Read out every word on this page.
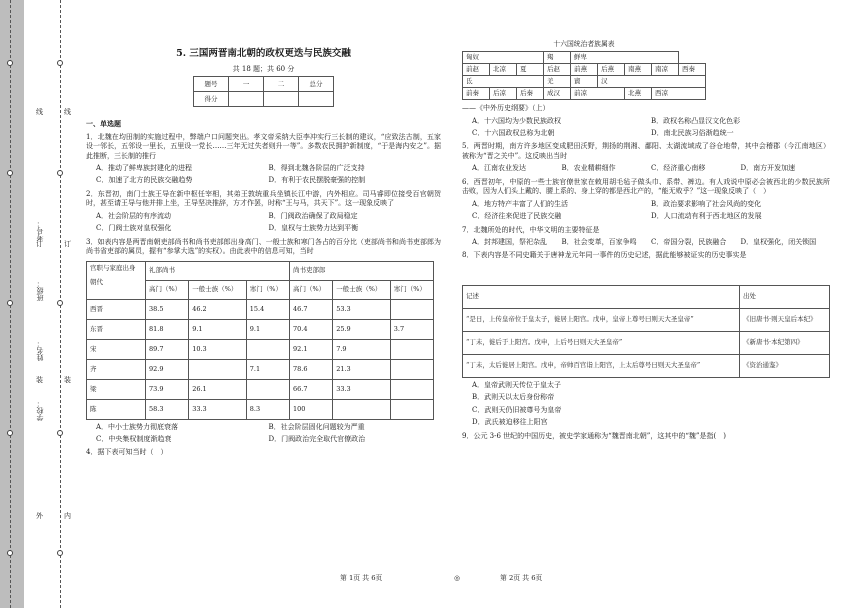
线
订
装
外
线
订
装
内
学校：
姓名：
班级：
考号：
5. 三国两晋南北朝的政权更迭与民族交融
共 18 题；共 60 分
题号	一	二	总分
得分			
一、单选题
1．北魏在均田制的实施过程中，弊端户口问题突出。孝文帝采纳大臣李冲实行三长制的建议，“应致法古制，五家设一邻长，五邻设一里长，五里设一党长……三年无过失者则升一等”。多数农民拥护新制度，“于是海内安之”。据此推断，三长制的推行
A．推动了鲜卑族封建化的进程	B．得到北魏各阶层的广泛支持
C．加速了北方的民族交融趋势	D．有利于农民摆脱豪强的控制
2．东晋初，南门士族王导在新中枢任宰相，其弟王敦统重兵坐镇长江中游，内外相应。司马睿即位接受百官朝贺时，甚至请王导与他并排上坐，王导坚决推辞，方才作罢，时称“王与马，共天下”。这一现象反映了
A．社会阶层的有序流动	B．门阀政治确保了政局稳定
C．门阀士族对皇权强化	D．皇权与士族势力达到平衡
3．如表内容是两晋南朝吏部尚书和尚书吏部郎出身高门、一般士族和寒门各占的百分比（吏部尚书和尚书吏部郎为尚书省吏部的属员，握有“参掌大选”的实权）。由此表中的信息可知，当时
官职与家庭出身
朝代	礼部尚书			尚书吏部郎		
	高门（%）	一般士族（%）	寒门（%）	高门（%）	一般士族（%）	寒门（%）
西晋	38.5	46.2	15.4	46.7	53.3	
东晋	81.8	9.1	9.1	70.4	25.9	3.7
宋	89.7	10.3		92.1	7.9	
齐	92.9		7.1	78.6	21.3	
梁	73.9	26.1		66.7	33.3	
陈	58.3	33.3	8.3	100		
A．中小士族势力彻底衰落	B．社会阶层固化问题较为严重
C．中央集权制度渐趋衰	D．门阀政治完全取代官僚政治
4．据下表可知当时（　）
十六国统治者族属表
匈奴			羯	鲜卑				
前赵	北凉	夏	后赵	前燕	后燕	南燕	南凉	西秦
氐			羌	賨	汉			
前秦	后凉	后秦	成汉	前凉		北燕	西凉	
——《中外历史纲要》（上）
A．十六国均为少数民族政权	B．政权名称凸显汉文化色彩
C．十六国政权总称为北朝	D．南北民族习俗渐趋统一
5．两晋时期，南方许多地区变成肥田沃野，荆扬的荆湘、鄱阳、太湖流域成了谷仓地带，其中会稽郡（今江南地区）被称为“晋之关中”。这反映出当时
A．江南农业发达	B．农业精耕细作	C．经济重心南移	D．南方开发加速
6．西晋初年，中原的一些士族官僚世家在敕用胡毛毡子做头巾、系带、裤边。有人戏说中原必会被西北的少数民族所击败，因为人们头上戴的、腰上系的、身上穿的都是西北产的，“能无败乎？”这一现象反映了（　）
A．地方特产丰富了人们的生活	B．政治要求影响了社会风尚的变化
C．经济往来促进了民族交融	D．人口流动有利于西北地区的发展
7．北魏所处的时代，中华文明的主要特征是
A．封邦建国，祭祀杂乱	B．社会变革，百家争鸣	C．帝国分裂，民族融合	D．皇权强化，闭关锁国
8．下表内容是不同史籍关于唐神龙元年同一事件的历史记述，据此能够被证实的历史事实是
记述	出处
“是日，上传皇帝位于皇太子，徙居上阳宫。戊申，皇帝上尊号曰则天大圣皇帝”	《旧唐书·则天皇后本纪》
“丁未，徙后于上阳宫。戊申，上后号曰则天大圣皇帝”	《新唐书·本纪第四》
“丁未，太后徙居上阳宫。戊申，帝帅百官诣上阳宫，上太后尊号曰则天大圣皇帝”	《资治通鉴》
A．皇帝武则天传位于皇太子
B．武则天以太后身份称帝
C．武则天仍旧被尊号为皇帝
D．武氏被迫移往上阳宫
9．公元 3-6 世纪的中国历史，被史学家通称为“魏晋南北朝”，这其中的“魏”是指(　)
第 1页 共 6页	◎	第 2页 共 6页
